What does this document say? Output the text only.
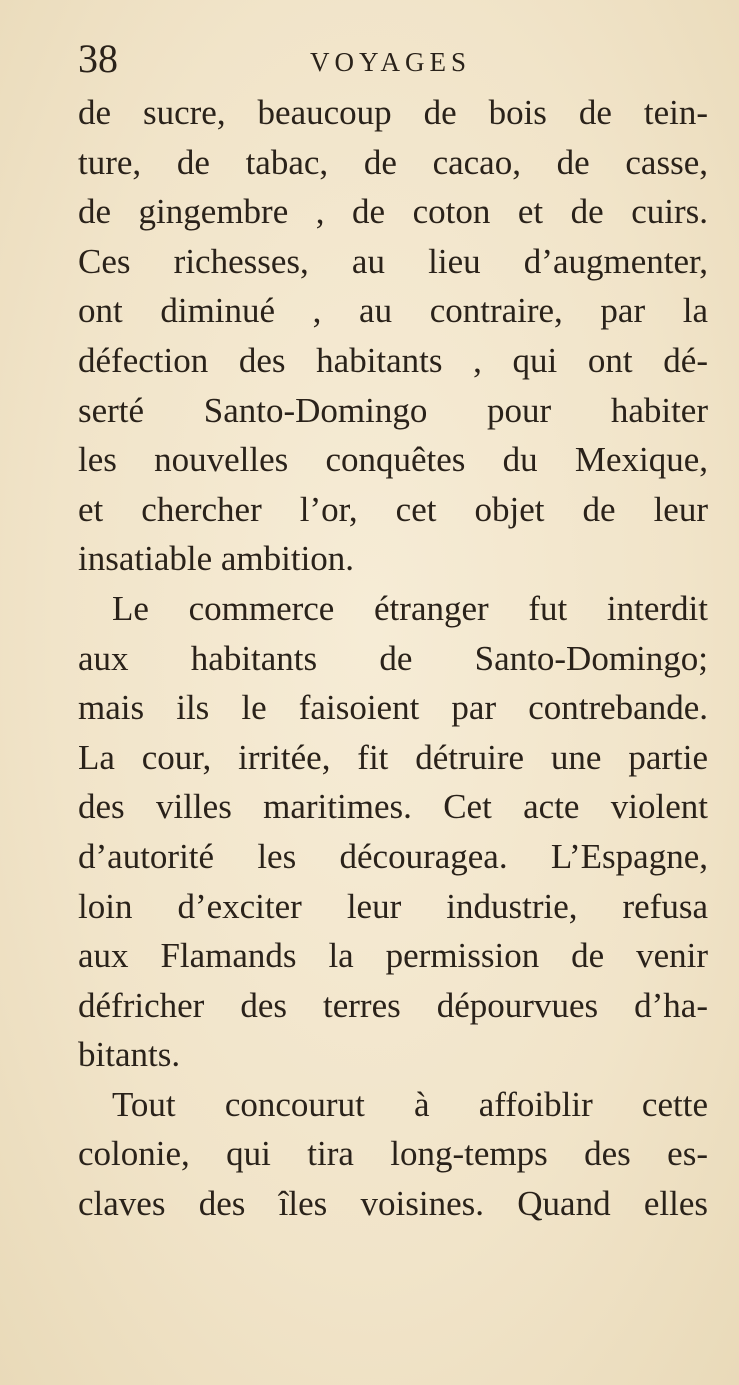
38	VOYAGES
de sucre, beaucoup de bois de tein-
ture, de tabac, de cacao, de casse,
de gingembre , de coton et de cuirs.
Ces richesses, au lieu d’augmenter,
ont diminué , au contraire, par la
défection des habitants , qui ont dé-
serté Santo-Domingo pour habiter
les nouvelles conquêtes du Mexique,
et chercher l’or, cet objet de leur
insatiable ambition.
Le commerce étranger fut interdit
aux habitants de Santo-Domingo;
mais ils le faisoient par contrebande.
La cour, irritée, fit détruire une partie
des villes maritimes. Cet acte violent
d’autorité les découragea. L’Espagne,
loin d’exciter leur industrie, refusa
aux Flamands la permission de venir
défricher des terres dépourvues d’ha-
bitants.
Tout concourut à affoiblir cette
colonie, qui tira long-temps des es-
claves des îles voisines. Quand elles
